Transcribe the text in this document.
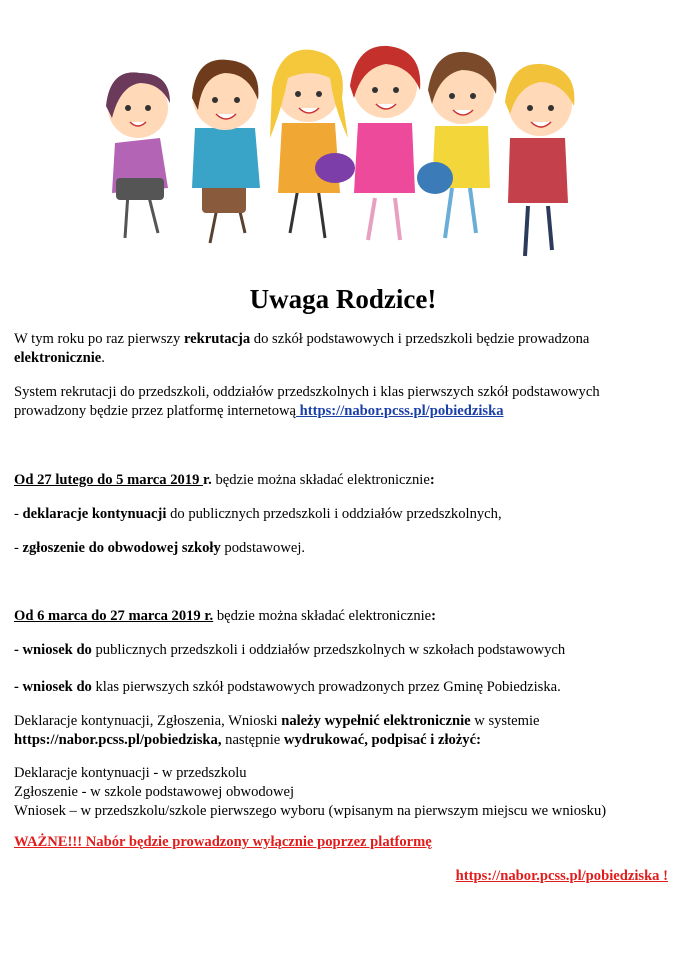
Uwaga Rodzice!

W tym roku po raz pierwszy rekrutacja do szkół podstawowych i przedszkoli będzie prowadzona
elektronicznie.

System rekrutacji do przedszkoli, oddziałów przedszkolnych i klas pierwszych szkół podstawowych
prowadzony będzie przez platformę internetową https://nabor.pcss.pl/pobiedziska

Od 27 lutego do 5 marca 2019 r. będzie można składać elektronicznie:

- deklaracje kontynuacji do publicznych przedszkoli i oddziałów przedszkolnych,

- zgłoszenie do obwodowej szkoły podstawowej.

Od 6 marca do 27 marca 2019 r. będzie można składać elektronicznie:

- wniosek do publicznych przedszkoli i oddziałów przedszkolnych w szkołach podstawowych

- wniosek do klas pierwszych szkół podstawowych prowadzonych przez Gminę Pobiedziska.

Deklaracje kontynuacji, Zgłoszenia, Wnioski należy wypełnić elektronicznie w systemie
https://nabor.pcss.pl/pobiedziska, następnie wydrukować, podpisać i złożyć:

Deklaracje kontynuacji - w przedszkolu
Zgłoszenie - w szkole podstawowej obwodowej
Wniosek – w przedszkolu/szkole pierwszego wyboru (wpisanym na pierwszym miejscu we wniosku)

WAŻNE!!! Nabór będzie prowadzony wyłącznie poprzez platformę

https://nabor.pcss.pl/pobiedziska !
